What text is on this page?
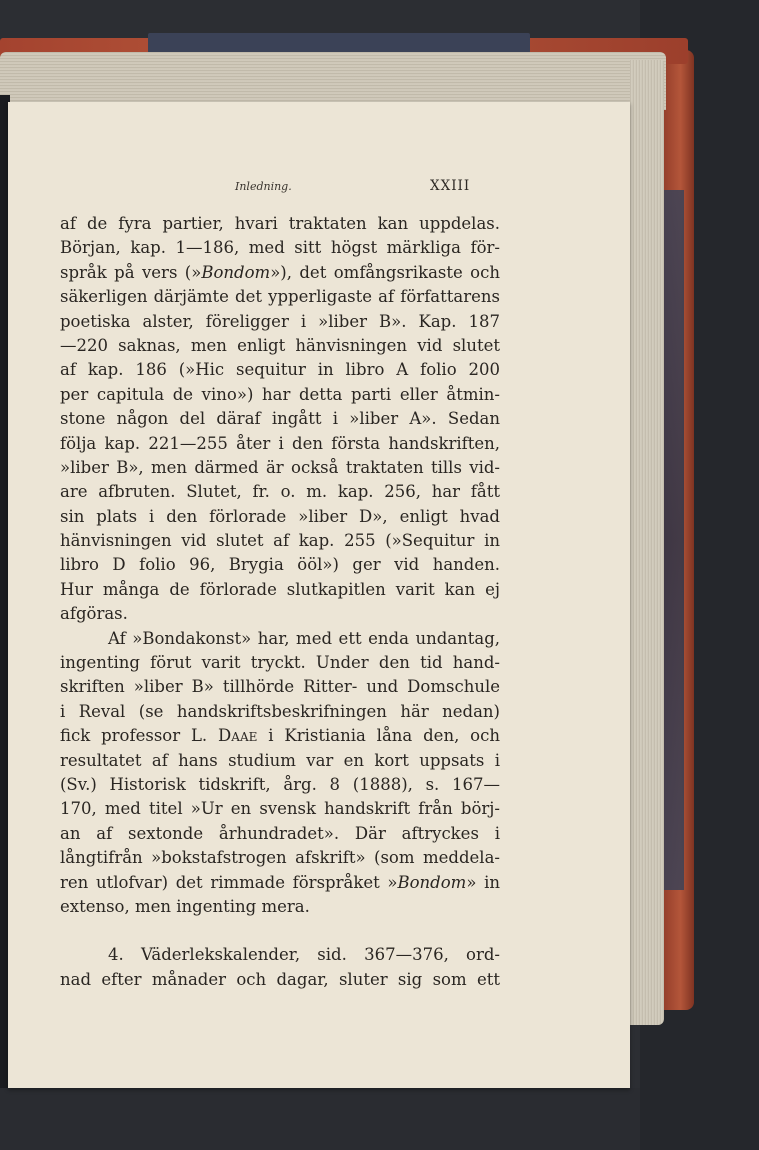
Inledning.	XXIII
af de fyra partier, hvari traktaten kan uppdelas.
Början, kap. 1—186, med sitt högst märkliga för-
språk på vers (»Bondom»), det omfångsrikaste och
säkerligen därjämte det ypperligaste af författarens
poetiska alster, föreligger i »liber B». Kap. 187
—220 saknas, men enligt hänvisningen vid slutet
af kap. 186 (»Hic sequitur in libro A folio 200
per capitula de vino») har detta parti eller åtmin-
stone någon del däraf ingått i »liber A». Sedan
följa kap. 221—255 åter i den första handskriften,
»liber B», men därmed är också traktaten tills vid-
are afbruten. Slutet, fr. o. m. kap. 256, har fått
sin plats i den förlorade »liber D», enligt hvad
hänvisningen vid slutet af kap. 255 (»Sequitur in
libro D folio 96, Brygia ööl») ger vid handen.
Hur många de förlorade slutkapitlen varit kan ej
afgöras.
Af »Bondakonst» har, med ett enda undantag,
ingenting förut varit tryckt. Under den tid hand-
skriften »liber B» tillhörde Ritter- und Domschule
i Reval (se handskriftsbeskrifningen här nedan)
fick professor L. Daae i Kristiania låna den, och
resultatet af hans studium var en kort uppsats i
(Sv.) Historisk tidskrift, årg. 8 (1888), s. 167—
170, med titel »Ur en svensk handskrift från börj-
an af sextonde århundradet». Där aftryckes i
långtifrån »bokstafstrogen afskrift» (som meddela-
ren utlofvar) det rimmade förspråket »Bondom» in
extenso, men ingenting mera.
4. Väderlekskalender, sid. 367—376, ord-
nad efter månader och dagar, sluter sig som ett
